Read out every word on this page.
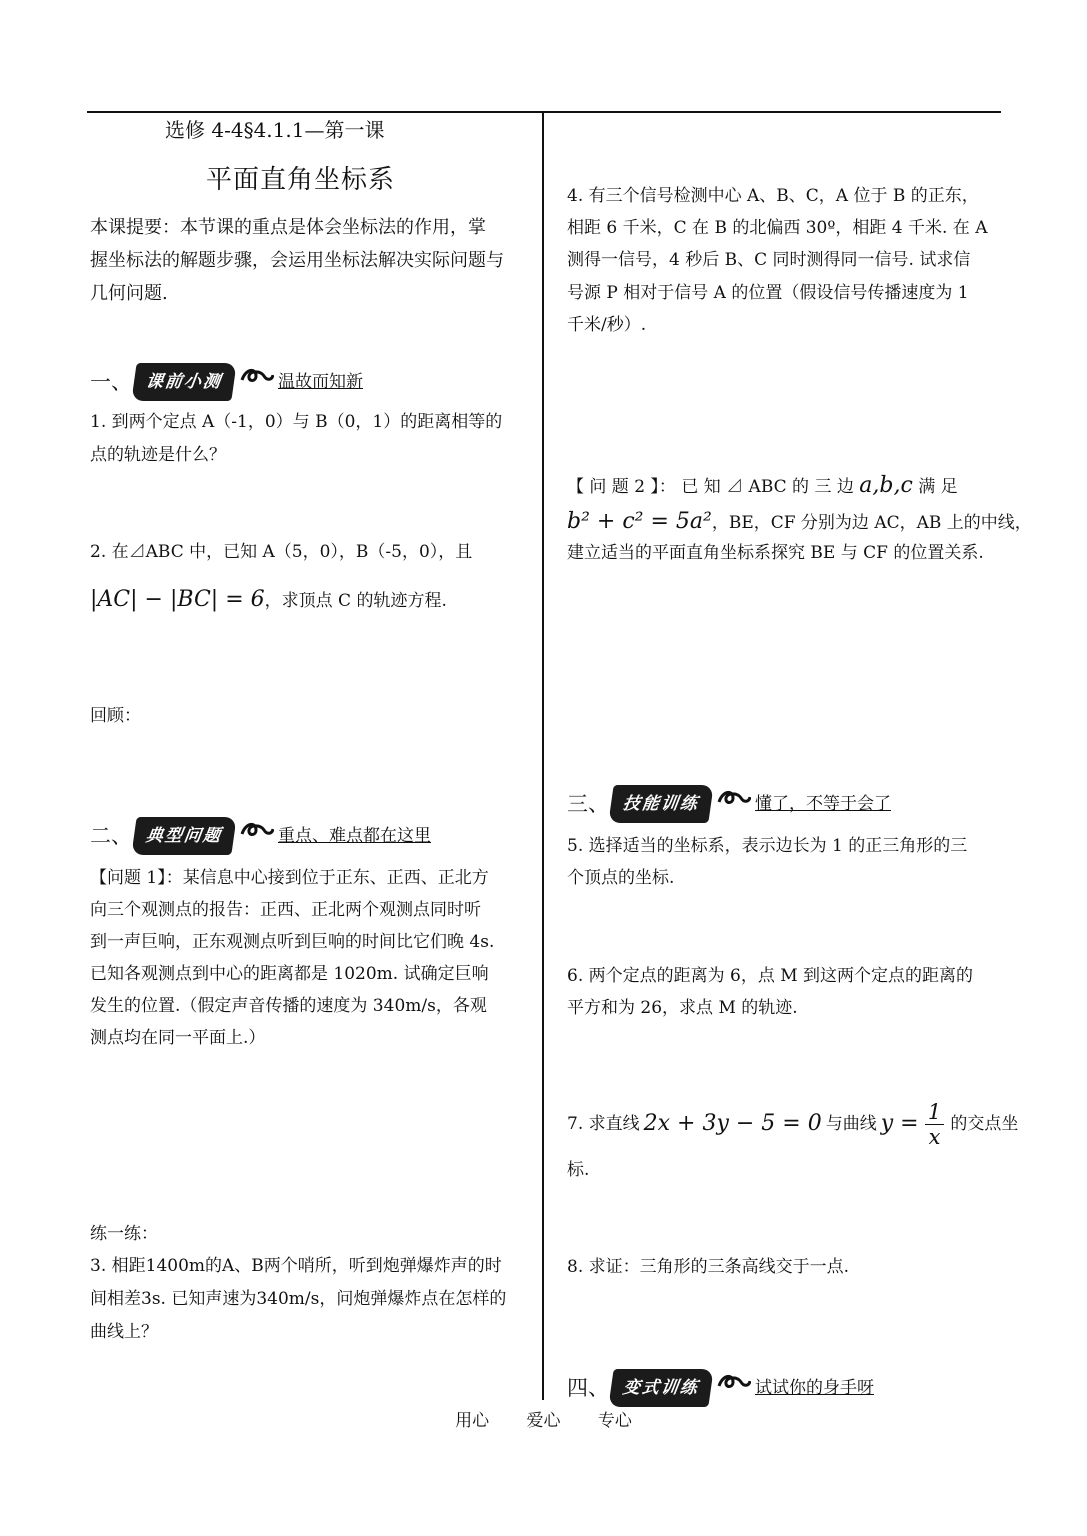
选修 4-4§4.1.1—第一课
平面直角坐标系
本课提要：本节课的重点是体会坐标法的作用，掌
握坐标法的解题步骤，会运用坐标法解决实际问题与
几何问题.
一、 课前小测	温故而知新
1. 到两个定点 A（-1，0）与 B（0，1）的距离相等的
点的轨迹是什么？
2. 在⊿ABC 中，已知 A（5，0），B（-5，0），且
|AC| − |BC| = 6，求顶点 C 的轨迹方程.
回顾：
二、 典型问题	重点、难点都在这里
【问题 1】：某信息中心接到位于正东、正西、正北方
向三个观测点的报告：正西、正北两个观测点同时听
到一声巨响，正东观测点听到巨响的时间比它们晚 4s.
已知各观测点到中心的距离都是 1020m. 试确定巨响
发生的位置.（假定声音传播的速度为 340m/s，各观
测点均在同一平面上.）
练一练：
3. 相距1400m的A、B两个哨所，听到炮弹爆炸声的时
间相差3s. 已知声速为340m/s，问炮弹爆炸点在怎样的
曲线上？
4. 有三个信号检测中心 A、B、C，A 位于 B 的正东，
相距 6 千米，C 在 B 的北偏西 30º，相距 4 千米. 在 A
测得一信号，4 秒后 B、C 同时测得同一信号. 试求信
号源 P 相对于信号 A 的位置（假设信号传播速度为 1
千米/秒）.
【 问 题 2 】： 已 知 ⊿ ABC 的 三 边 a,b,c 满 足
b² + c² = 5a²，BE，CF 分别为边 AC，AB 上的中线，
建立适当的平面直角坐标系探究 BE 与 CF 的位置关系.
三、 技能训练	懂了，不等于会了
5. 选择适当的坐标系，表示边长为 1 的正三角形的三
个顶点的坐标.
6. 两个定点的距离为 6，点 M 到这两个定点的距离的
平方和为 26，求点 M 的轨迹.
7. 求直线 2x + 3y − 5 = 0 与曲线 $y = \frac{1}{x}$ 的交点坐
标.
8. 求证：三角形的三条高线交于一点.
四、 变式训练	试试你的身手呀
用心 爱心 专心
